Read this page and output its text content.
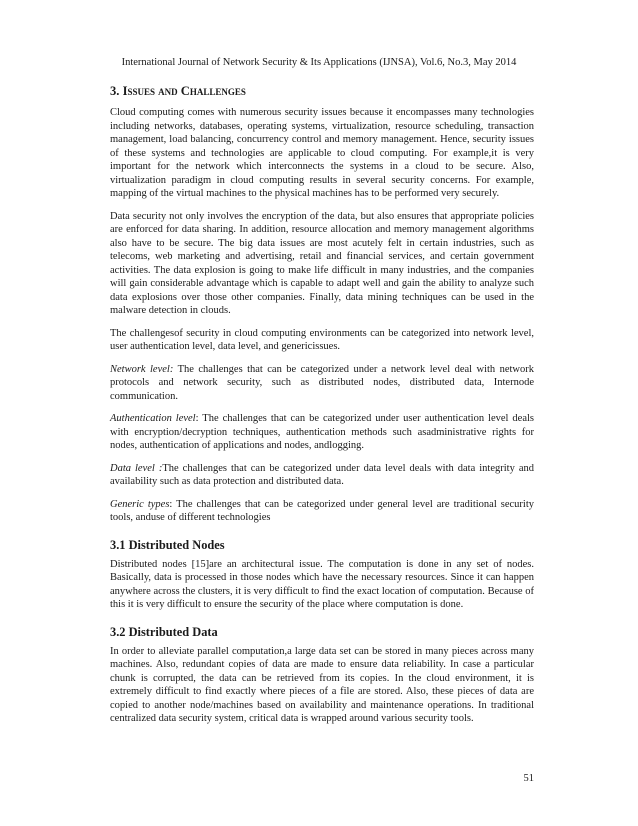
International Journal of Network Security & Its Applications (IJNSA), Vol.6, No.3, May 2014
3. Issues and Challenges

Cloud computing comes with numerous security issues because it encompasses many technologies including networks, databases, operating systems, virtualization, resource scheduling, transaction management, load balancing, concurrency control and memory management. Hence, security issues of these systems and technologies are applicable to cloud computing. For example,it is very important for the network which interconnects the systems in a cloud to be secure. Also, virtualization paradigm in cloud computing results in several security concerns. For example, mapping of the virtual machines to the physical machines has to be performed very securely.

Data security not only involves the encryption of the data, but also ensures that appropriate policies are enforced for data sharing. In addition, resource allocation and memory management algorithms also have to be secure. The big data issues are most acutely felt in certain industries, such as telecoms, web marketing and advertising, retail and financial services, and certain government activities. The data explosion is going to make life difficult in many industries, and the companies will gain considerable advantage which is capable to adapt well and gain the ability to analyze such data explosions over those other companies. Finally, data mining techniques can be used in the malware detection in clouds.

The challengesof security in cloud computing environments can be categorized into network level, user authentication level, data level, and genericissues.

Network level: The challenges that can be categorized under a network level deal with network protocols and network security, such as distributed nodes, distributed data, Internode communication.

Authentication level: The challenges that can be categorized under user authentication level deals with encryption/decryption techniques, authentication methods such asadministrative rights for nodes, authentication of applications and nodes, andlogging.

Data level :The challenges that can be categorized under data level deals with data integrity and availability such as data protection and distributed data.

Generic types: The challenges that can be categorized under general level are traditional security tools, anduse of different technologies

3.1 Distributed Nodes

Distributed nodes [15]are an architectural issue. The computation is done in any set of nodes. Basically, data is processed in those nodes which have the necessary resources. Since it can happen anywhere across the clusters, it is very difficult to find the exact location of computation. Because of this it is very difficult to ensure the security of the place where computation is done.

3.2 Distributed Data

In order to alleviate parallel computation,a large data set can be stored in many pieces across many machines. Also, redundant copies of data are made to ensure data reliability. In case a particular chunk is corrupted, the data can be retrieved from its copies. In the cloud environment, it is extremely difficult to find exactly where pieces of a file are stored. Also, these pieces of data are copied to another node/machines based on availability and maintenance operations. In traditional centralized data security system, critical data is wrapped around various security tools.

51
